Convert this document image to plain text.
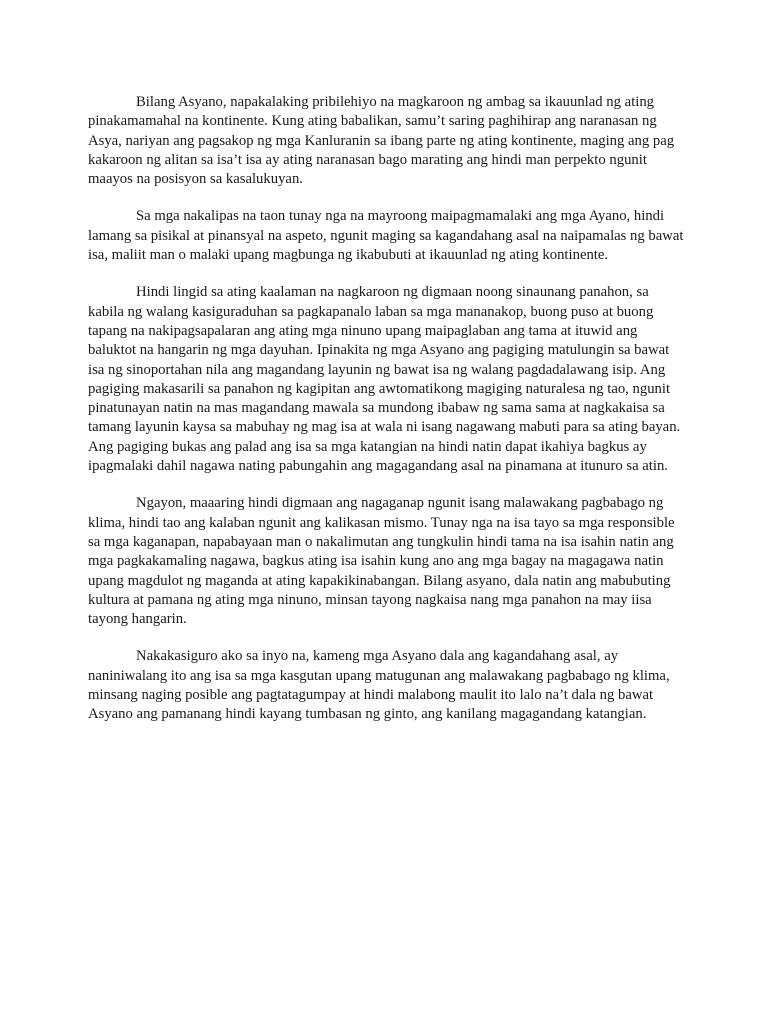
Bilang Asyano, napakalaking pribilehiyo na magkaroon ng ambag sa ikauunlad ng ating pinakamamahal na kontinente. Kung ating babalikan, samu’t saring paghihirap ang naranasan ng Asya, nariyan ang pagsakop ng mga Kanluranin sa ibang parte ng ating kontinente, maging ang pag kakaroon ng alitan sa isa’t isa ay ating naranasan bago marating ang hindi man perpekto ngunit maayos na posisyon sa kasalukuyan.

Sa mga nakalipas na taon tunay nga na mayroong maipagmamalaki ang mga Ayano, hindi lamang sa pisikal at pinansyal na aspeto, ngunit maging sa kagandahang asal na naipamalas ng bawat isa, maliit man o malaki upang magbunga ng ikabubuti at ikauunlad ng ating kontinente.

Hindi lingid sa ating kaalaman na nagkaroon ng digmaan noong sinaunang panahon, sa kabila ng walang kasiguraduhan sa pagkapanalo laban sa mga mananakop, buong puso at buong tapang na nakipagsapalaran ang ating mga ninuno upang maipaglaban ang tama at ituwid ang baluktot na hangarin ng mga dayuhan. Ipinakita ng mga Asyano ang pagiging matulungin sa bawat isa ng sinoportahan nila ang magandang layunin ng bawat isa ng walang pagdadalawang isip. Ang pagiging makasarili sa panahon ng kagipitan ang awtomatikong magiging naturalesa ng tao, ngunit pinatunayan natin na mas magandang mawala sa mundong ibabaw ng sama sama at nagkakaisa sa tamang layunin kaysa sa mabuhay ng mag isa at wala ni isang nagawang mabuti para sa ating bayan. Ang pagiging bukas ang palad ang isa sa mga katangian na hindi natin dapat ikahiya bagkus ay ipagmalaki dahil nagawa nating pabungahin ang magagandang asal na pinamana at itunuro sa atin.

Ngayon, maaaring hindi digmaan ang nagaganap ngunit isang malawakang pagbabago ng klima, hindi tao ang kalaban ngunit ang kalikasan mismo. Tunay nga na isa tayo sa mga responsible sa mga kaganapan, napabayaan man o nakalimutan ang tungkulin hindi tama na isa isahin natin ang mga pagkakamaling nagawa, bagkus ating isa isahin kung ano ang mga bagay na magagawa natin upang magdulot ng maganda at ating kapakikinabangan. Bilang asyano, dala natin ang mabubuting kultura at pamana ng ating mga ninuno, minsan tayong nagkaisa nang mga panahon na may iisa tayong hangarin.

Nakakasiguro ako sa inyo na, kameng mga Asyano dala ang kagandahang asal, ay naniniwalang ito ang isa sa mga kasgutan upang matugunan ang malawakang pagbabago ng klima, minsang naging posible ang pagtatagumpay at hindi malabong maulit ito lalo na’t dala ng bawat Asyano ang pamanang hindi kayang tumbasan ng ginto, ang kanilang magagandang katangian.
